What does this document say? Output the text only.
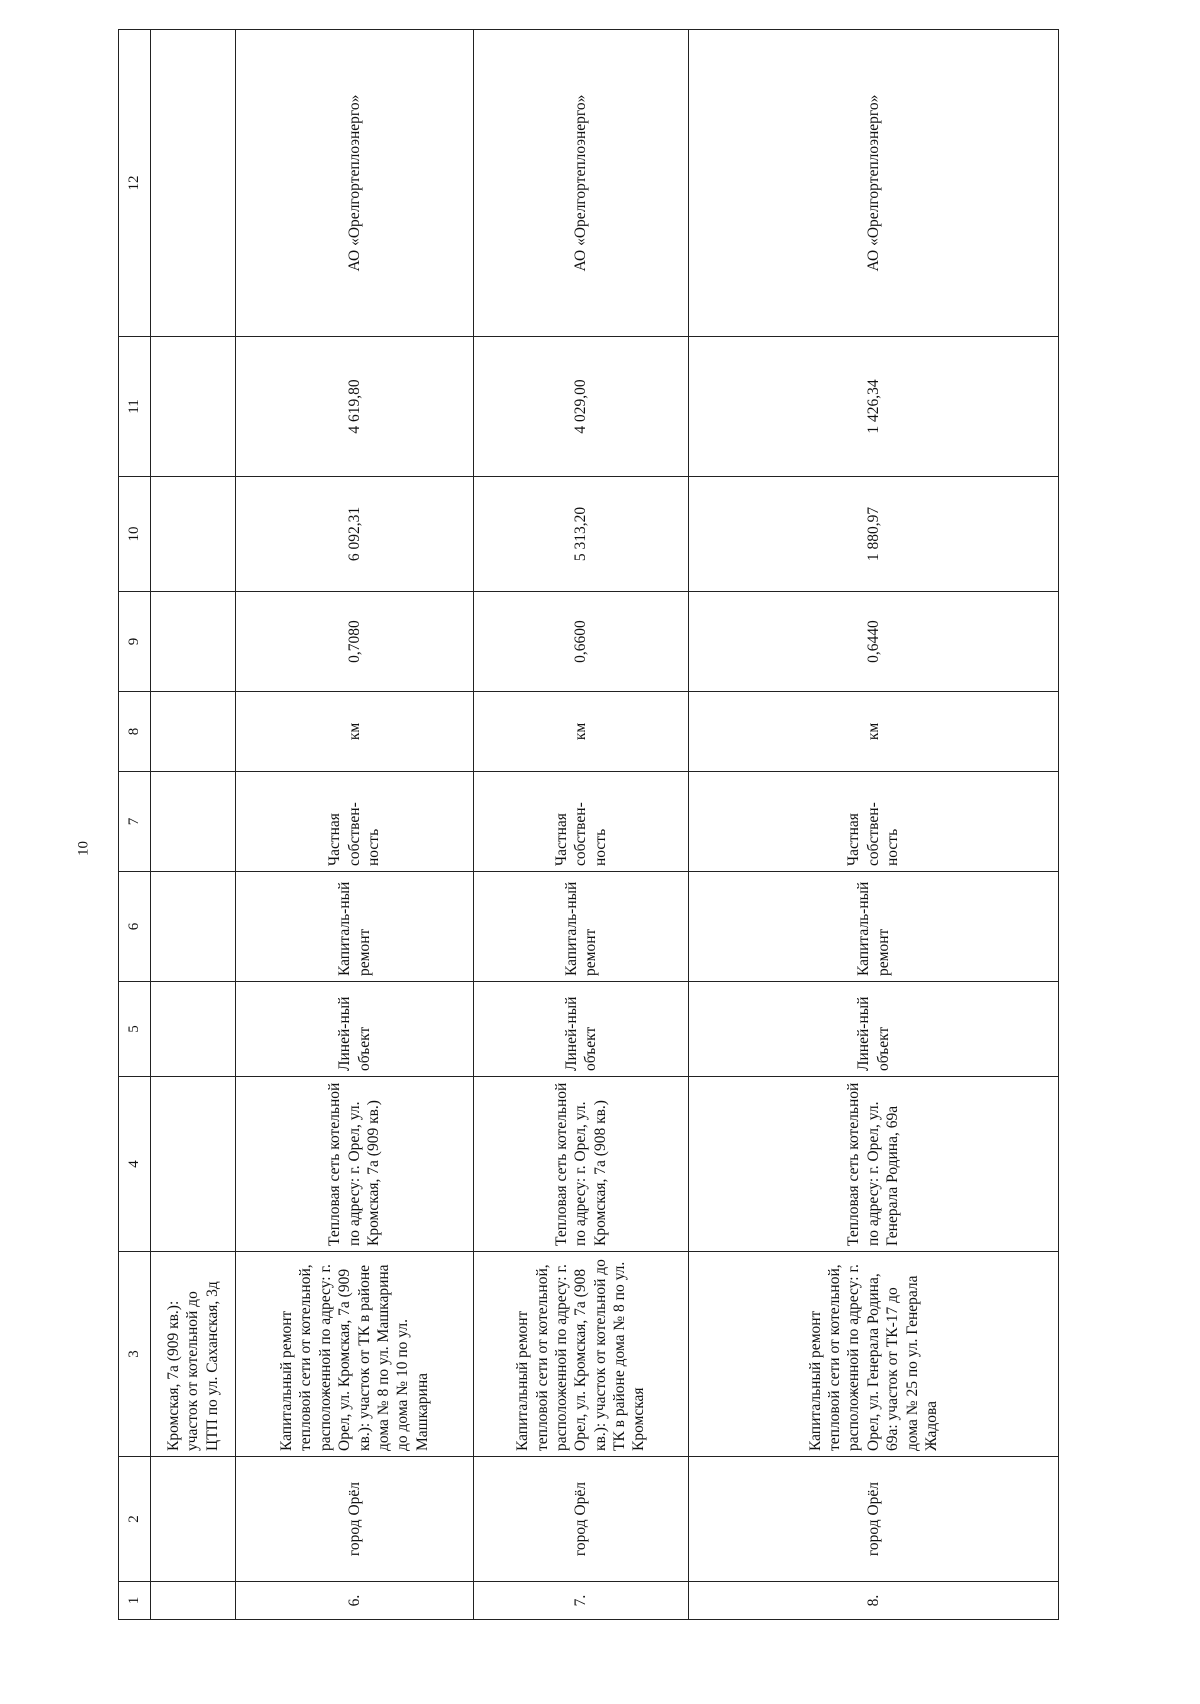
10
1	2	3	4	5	6	7	8	9	10	11	12
		Кромская, 7а (909 кв.): участок от котельной до ЦТП по ул. Саханская, 3д									
6.	город Орёл	Капитальный ремонт тепловой сети от котельной, расположенной по адресу: г. Орел, ул. Кромская, 7а (909 кв.): участок от ТК в районе дома № 8 по ул. Машкарина до дома № 10 по ул. Машкарина	Тепловая сеть котельной по адресу: г. Орел, ул. Кромская, 7а (909 кв.)	Линей-ный объект	Капиталь-ный ремонт	Частная собствен-ность	км	0,7080	6 092,31	4 619,80	АО «Орелгортеплоэнерго»
7.	город Орёл	Капитальный ремонт тепловой сети от котельной, расположенной по адресу: г. Орел, ул. Кромская, 7а (908 кв.): участок от котельной до ТК в районе дома № 8 по ул. Кромская	Тепловая сеть котельной по адресу: г. Орел, ул. Кромская, 7а (908 кв.)	Линей-ный объект	Капиталь-ный ремонт	Частная собствен-ность	км	0,6600	5 313,20	4 029,00	АО «Орелгортеплоэнерго»
8.	город Орёл	Капитальный ремонт тепловой сети от котельной, расположенной по адресу: г. Орел, ул. Генерала Родина, 69а: участок от ТК-17 до дома № 25 по ул. Генерала Жадова	Тепловая сеть котельной по адресу: г. Орел, ул. Генерала Родина, 69а	Линей-ный объект	Капиталь-ный ремонт	Частная собствен-ность	км	0,6440	1 880,97	1 426,34	АО «Орелгортеплоэнерго»
